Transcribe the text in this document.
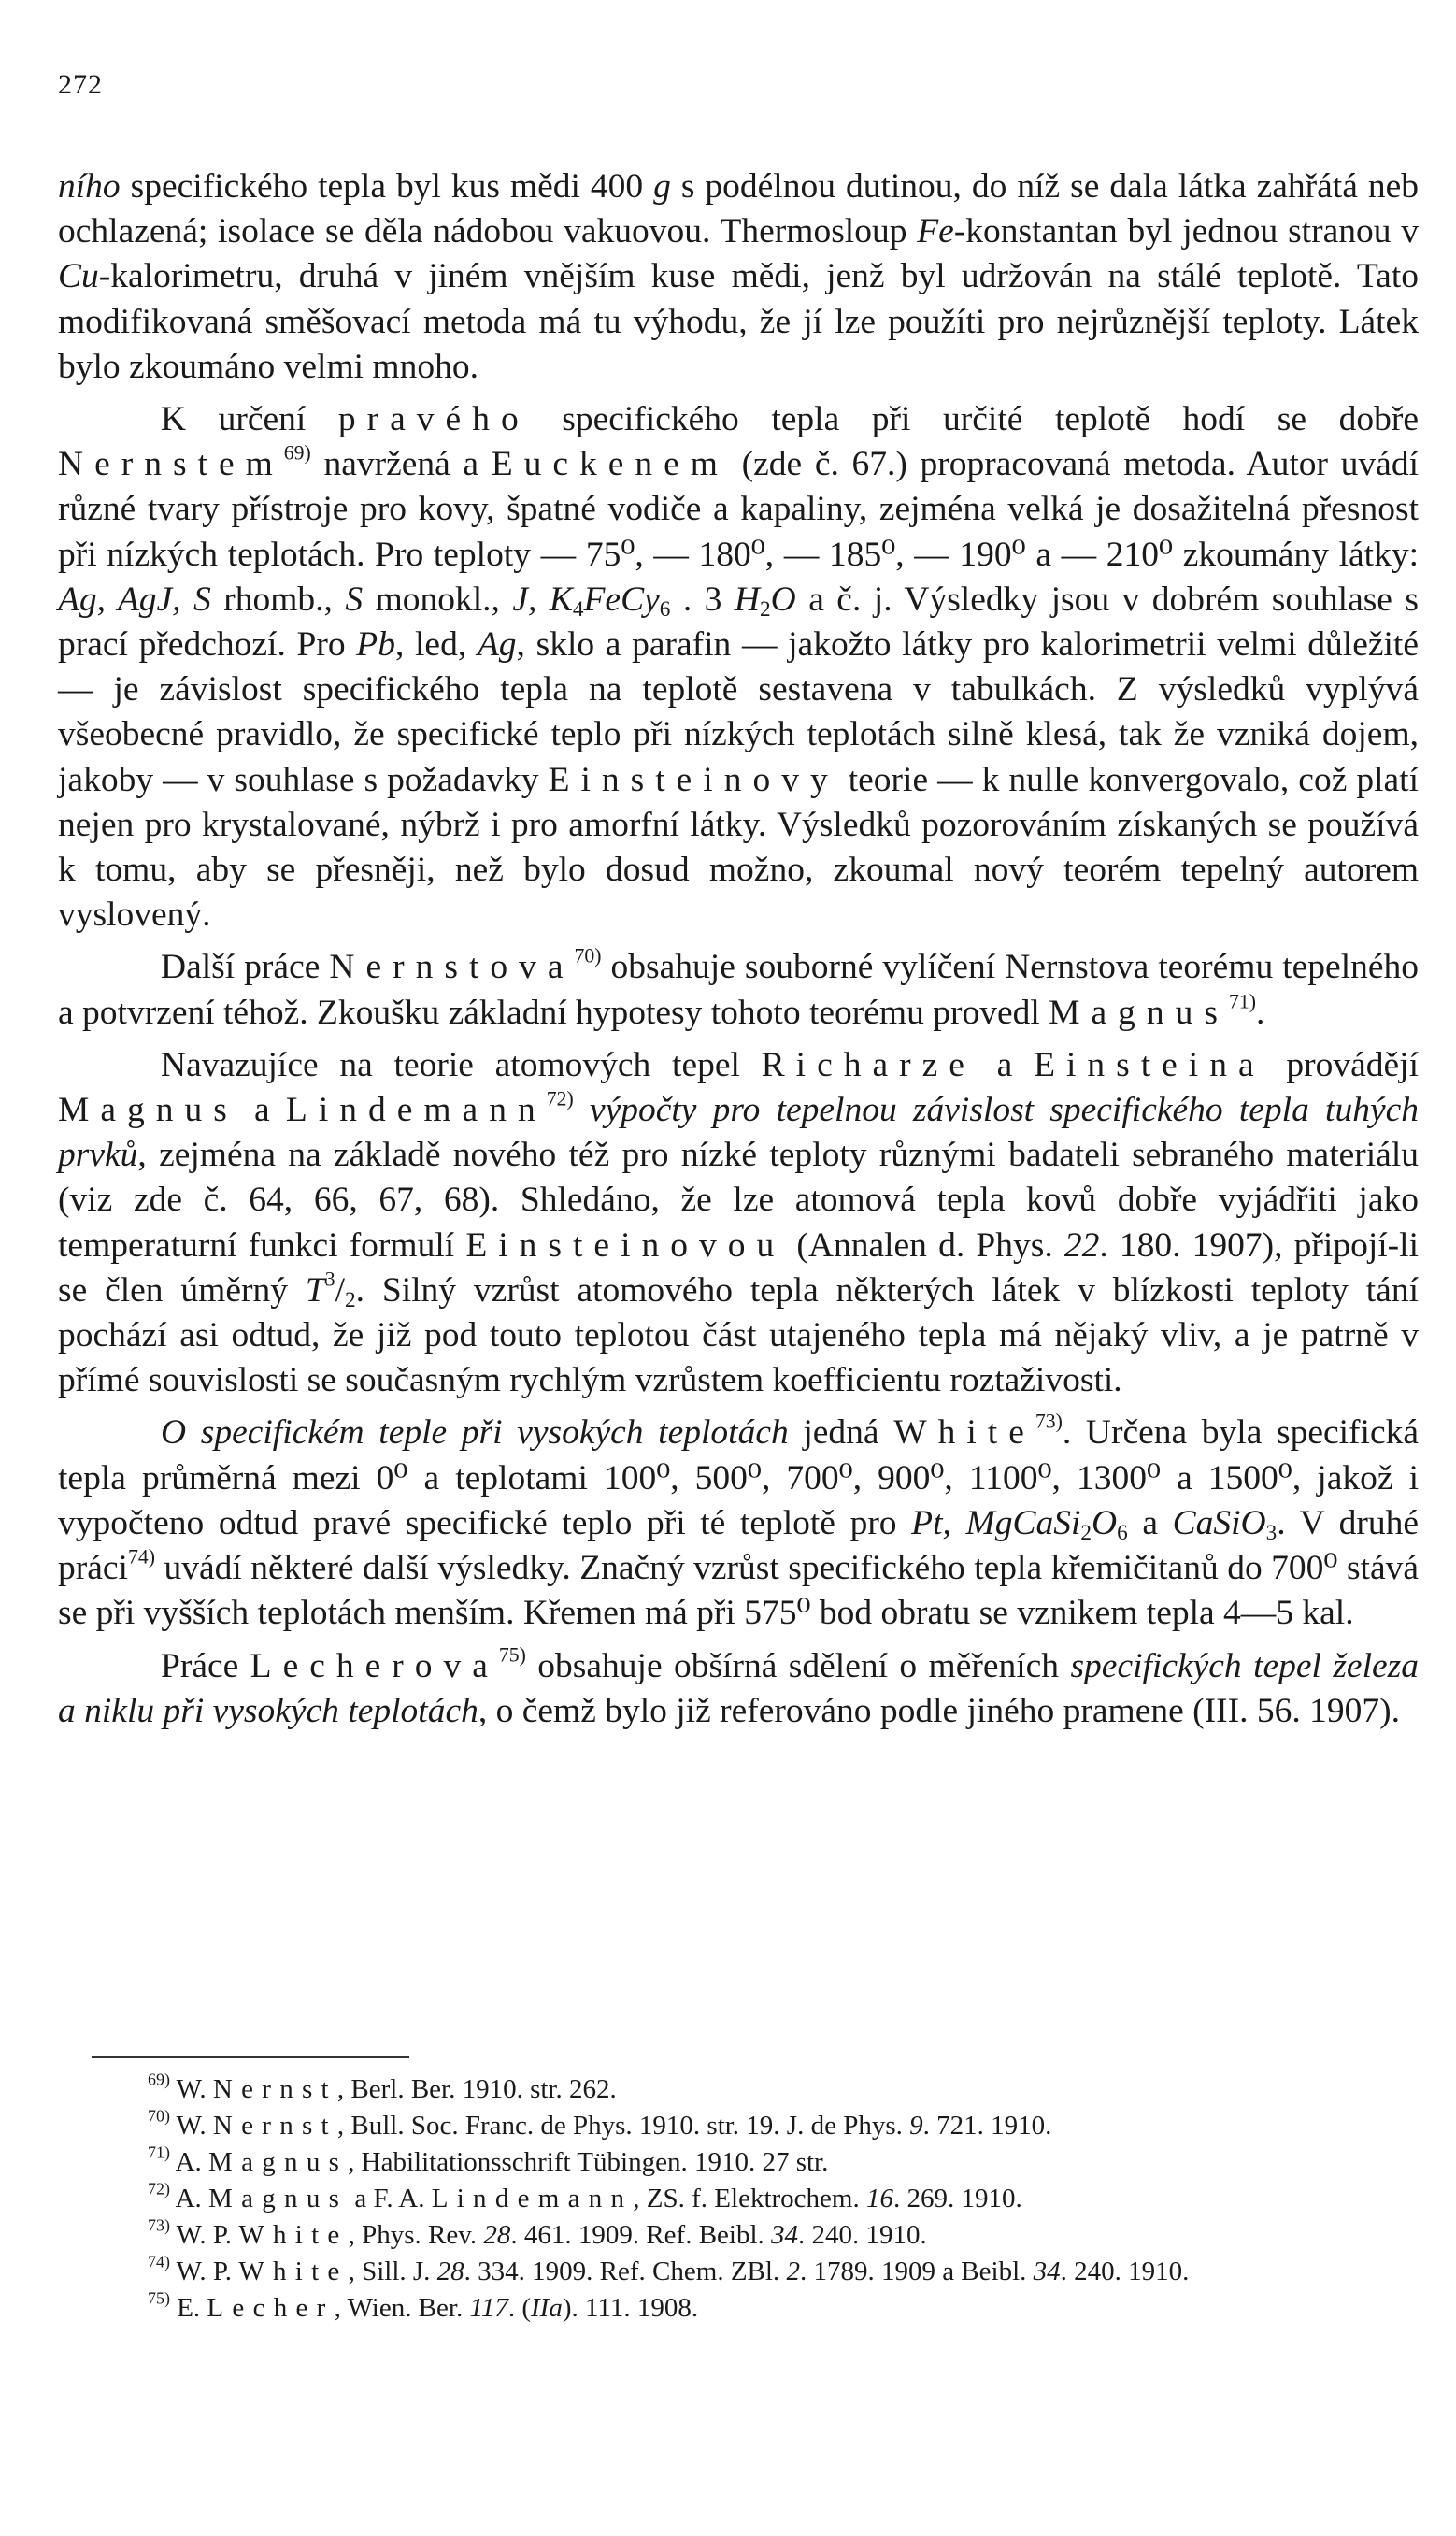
272

ního specifického tepla byl kus mědi 400 g s podélnou dutinou, do níž se dala látka zahřátá neb ochlazená; isolace se děla nádobou vakuovou. Thermosloup Fe-konstantan byl jednou stranou v Cu-kalorimetru, druhá v jiném vnějším kuse mědi, jenž byl udržován na stálé teplotě. Tato modifikovaná směšovací metoda má tu výhodu, že jí lze použíti pro nejrůznější teploty. Látek bylo zkoumáno velmi mnoho.

K určení pravého specifického tepla při určité teplotě hodí se dobře Nernstem$^{69)}$ navržená a Euckenem (zde č. 67.) propracovaná metoda. Autor uvádí různé tvary přístroje pro kovy, špatné vodiče a kapaliny, zejména velká je dosažitelná přesnost při nízkých teplotách. Pro teploty — 75⁰, — 180⁰, — 185⁰, — 190⁰ a — 210⁰ zkoumány látky: Ag, AgJ, S rhomb., S monokl., J, $K_4FeCy_6$ . 3 $H_2O$ a č. j. Výsledky jsou v dobrém souhlase s prací předchozí. Pro Pb, led, Ag, sklo a parafin — jakožto látky pro kalorimetrii velmi důležité — je závislost specifického tepla na teplotě sestavena v tabulkách. Z výsledků vyplývá všeobecné pravidlo, že specifické teplo při nízkých teplotách silně klesá, tak že vzniká dojem, jakoby — v souhlase s požadavky Einsteinovy teorie — k nulle konvergovalo, což platí nejen pro krystalované, nýbrž i pro amorfní látky. Výsledků pozorováním získaných se používá k tomu, aby se přesněji, než bylo dosud možno, zkoumal nový teorém tepelný autorem vyslovený.

Další práce Nernstova$^{70)}$ obsahuje souborné vylíčení Nernstova teorému tepelného a potvrzení téhož. Zkoušku základní hypotesy tohoto teorému provedl Magnus$^{71)}$.

Navazujíce na teorie atomových tepel Richarze a Einsteina provádějí Magnus a Lindemann$^{72)}$ výpočty pro tepelnou závislost specifického tepla tuhých prvků, zejména na základě nového též pro nízké teploty různými badateli sebraného materiálu (viz zde č. 64, 66, 67, 68). Shledáno, že lze atomová tepla kovů dobře vyjádřiti jako temperaturní funkci formulí Einsteinovou (Annalen d. Phys. 22. 180. 1907), připojí-li se člen úměrný $T^3/_2$. Silný vzrůst atomového tepla některých látek v blízkosti teploty tání pochází asi odtud, že již pod touto teplotou část utajeného tepla má nějaký vliv, a je patrně v přímé souvislosti se současným rychlým vzrůstem koefficientu roztaživosti.

O specifickém teple při vysokých teplotách jedná White$^{73)}$. Určena byla specifická tepla průměrná mezi 0⁰ a teplotami 100⁰, 500⁰, 700⁰, 900⁰, 1100⁰, 1300⁰ a 1500⁰, jakož i vypočteno odtud pravé specifické teplo při té teplotě pro Pt, $MgCaSi_2O_6$ a CaSiO$_3$. V druhé práci$^{74)}$ uvádí některé další výsledky. Značný vzrůst specifického tepla křemičitanů do 700⁰ stává se při vyšších teplotách menším. Křemen má při 575⁰ bod obratu se vznikem tepla 4—5 kal.

Práce Lecherova$^{75)}$ obsahuje obšírná sdělení o měřeních specifických tepel železa a niklu při vysokých teplotách, o čemž bylo již referováno podle jiného pramene (III. 56. 1907).

$^{69)}$ W. Nernst, Berl. Ber. 1910. str. 262.

$^{70)}$ W. Nernst, Bull. Soc. Franc. de Phys. 1910. str. 19. J. de Phys. 9. 721. 1910.

$^{71)}$ A. Magnus, Habilitationsschrift Tübingen. 1910. 27 str.

$^{72)}$ A. Magnus a F. A. Lindemann, ZS. f. Elektrochem. 16. 269. 1910.

$^{73)}$ W. P. White, Phys. Rev. 28. 461. 1909. Ref. Beibl. 34. 240. 1910.

$^{74)}$ W. P. White, Sill. J. 28. 334. 1909. Ref. Chem. ZBl. 2. 1789. 1909 a Beibl. 34. 240. 1910.

$^{75)}$ E. Lecher, Wien. Ber. 117. (IIa). 111. 1908.
